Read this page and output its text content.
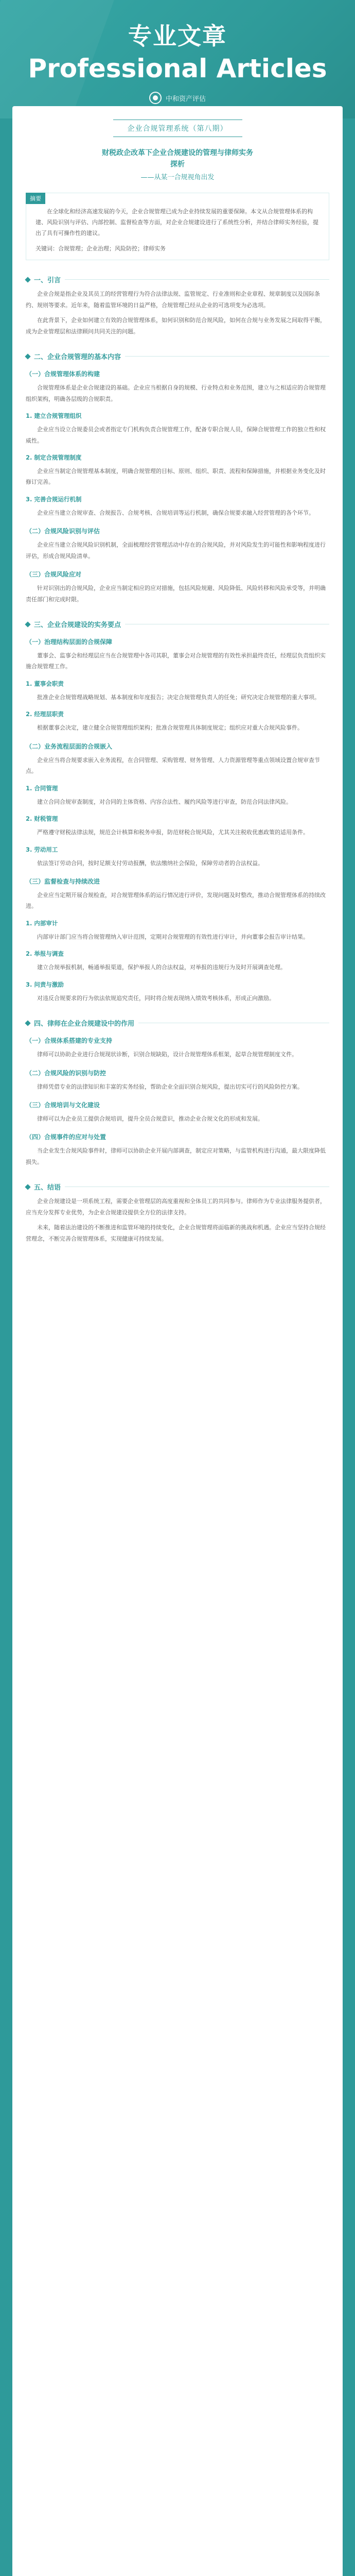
专业文章
Professional Articles
中和资产评估
企业合规管理系统（第八期）
财税政企改革下企业合规建设的管理与律师实务
探析
——从某一合规视角出发
摘要

在全球化和经济高速发展的今天，企业合规管理已成为企业持续发展的重要保障。本文从合规管理体系的构建、风险识别与评估、内部控制、监督检查等方面，对企业合规建设进行了系统性分析，并结合律师实务经验，提出了具有可操作性的建议。

关键词：合规管理；企业治理；风险防控；律师实务
一、引言

企业合规是指企业及其员工的经营管理行为符合法律法规、监管规定、行业准则和企业章程、规章制度以及国际条约、规则等要求。近年来，随着监管环境的日益严格，合规管理已经从企业的可选项变为必选项。

在此背景下，企业如何建立有效的合规管理体系，如何识别和防范合规风险，如何在合规与业务发展之间取得平衡，成为企业管理层和法律顾问共同关注的问题。

二、企业合规管理的基本内容
（一）合规管理体系的构建

合规管理体系是企业合规建设的基础。企业应当根据自身的规模、行业特点和业务范围，建立与之相适应的合规管理组织架构，明确各层级的合规职责。

1. 建立合规管理组织

企业应当设立合规委员会或者指定专门机构负责合规管理工作，配备专职合规人员，保障合规管理工作的独立性和权威性。

2. 制定合规管理制度

企业应当制定合规管理基本制度，明确合规管理的目标、原则、组织、职责、流程和保障措施，并根据业务变化及时修订完善。

3. 完善合规运行机制

企业应当建立合规审查、合规报告、合规考核、合规培训等运行机制，确保合规要求融入经营管理的各个环节。

（二）合规风险识别与评估

企业应当建立合规风险识别机制，全面梳理经营管理活动中存在的合规风险，并对风险发生的可能性和影响程度进行评估，形成合规风险清单。

（三）合规风险应对

针对识别出的合规风险，企业应当制定相应的应对措施，包括风险规避、风险降低、风险转移和风险承受等，并明确责任部门和完成时限。

三、企业合规建设的实务要点
（一）治理结构层面的合规保障

董事会、监事会和经理层应当在合规管理中各司其职，董事会对合规管理的有效性承担最终责任，经理层负责组织实施合规管理工作。

1. 董事会职责

批准企业合规管理战略规划、基本制度和年度报告；决定合规管理负责人的任免；研究决定合规管理的重大事项。

2. 经理层职责

根据董事会决定，建立健全合规管理组织架构；批准合规管理具体制度规定；组织应对重大合规风险事件。

（二）业务流程层面的合规嵌入

企业应当将合规要求嵌入业务流程，在合同管理、采购管理、财务管理、人力资源管理等重点领域设置合规审查节点。

1. 合同管理

建立合同合规审查制度，对合同的主体资格、内容合法性、履约风险等进行审查，防范合同法律风险。

2. 财税管理

严格遵守财税法律法规，规范会计核算和税务申报，防范财税合规风险，尤其关注税收优惠政策的适用条件。

3. 劳动用工

依法签订劳动合同，按时足额支付劳动报酬，依法缴纳社会保险，保障劳动者的合法权益。

（三）监督检查与持续改进

企业应当定期开展合规检查，对合规管理体系的运行情况进行评价，发现问题及时整改，推动合规管理体系的持续改进。

1. 内部审计

内部审计部门应当将合规管理纳入审计范围，定期对合规管理的有效性进行审计，并向董事会报告审计结果。

2. 举报与调查

建立合规举报机制，畅通举报渠道，保护举报人的合法权益，对举报的违规行为及时开展调查处理。

3. 问责与激励

对违反合规要求的行为依法依规追究责任，同时将合规表现纳入绩效考核体系，形成正向激励。

四、律师在企业合规建设中的作用
（一）合规体系搭建的专业支持

律师可以协助企业进行合规现状诊断，识别合规缺陷，设计合规管理体系框架，起草合规管理制度文件。

（二）合规风险的识别与防控

律师凭借专业的法律知识和丰富的实务经验，帮助企业全面识别合规风险，提出切实可行的风险防控方案。

（三）合规培训与文化建设

律师可以为企业员工提供合规培训，提升全员合规意识，推动企业合规文化的形成和发展。

（四）合规事件的应对与处置

当企业发生合规风险事件时，律师可以协助企业开展内部调查，制定应对策略，与监管机构进行沟通，最大限度降低损失。

五、结语

企业合规建设是一项系统工程，需要企业管理层的高度重视和全体员工的共同参与。律师作为专业法律服务提供者，应当充分发挥专业优势，为企业合规建设提供全方位的法律支持。

未来，随着法治建设的不断推进和监管环境的持续变化，企业合规管理将面临新的挑战和机遇。企业应当坚持合规经营理念，不断完善合规管理体系，实现健康可持续发展。
